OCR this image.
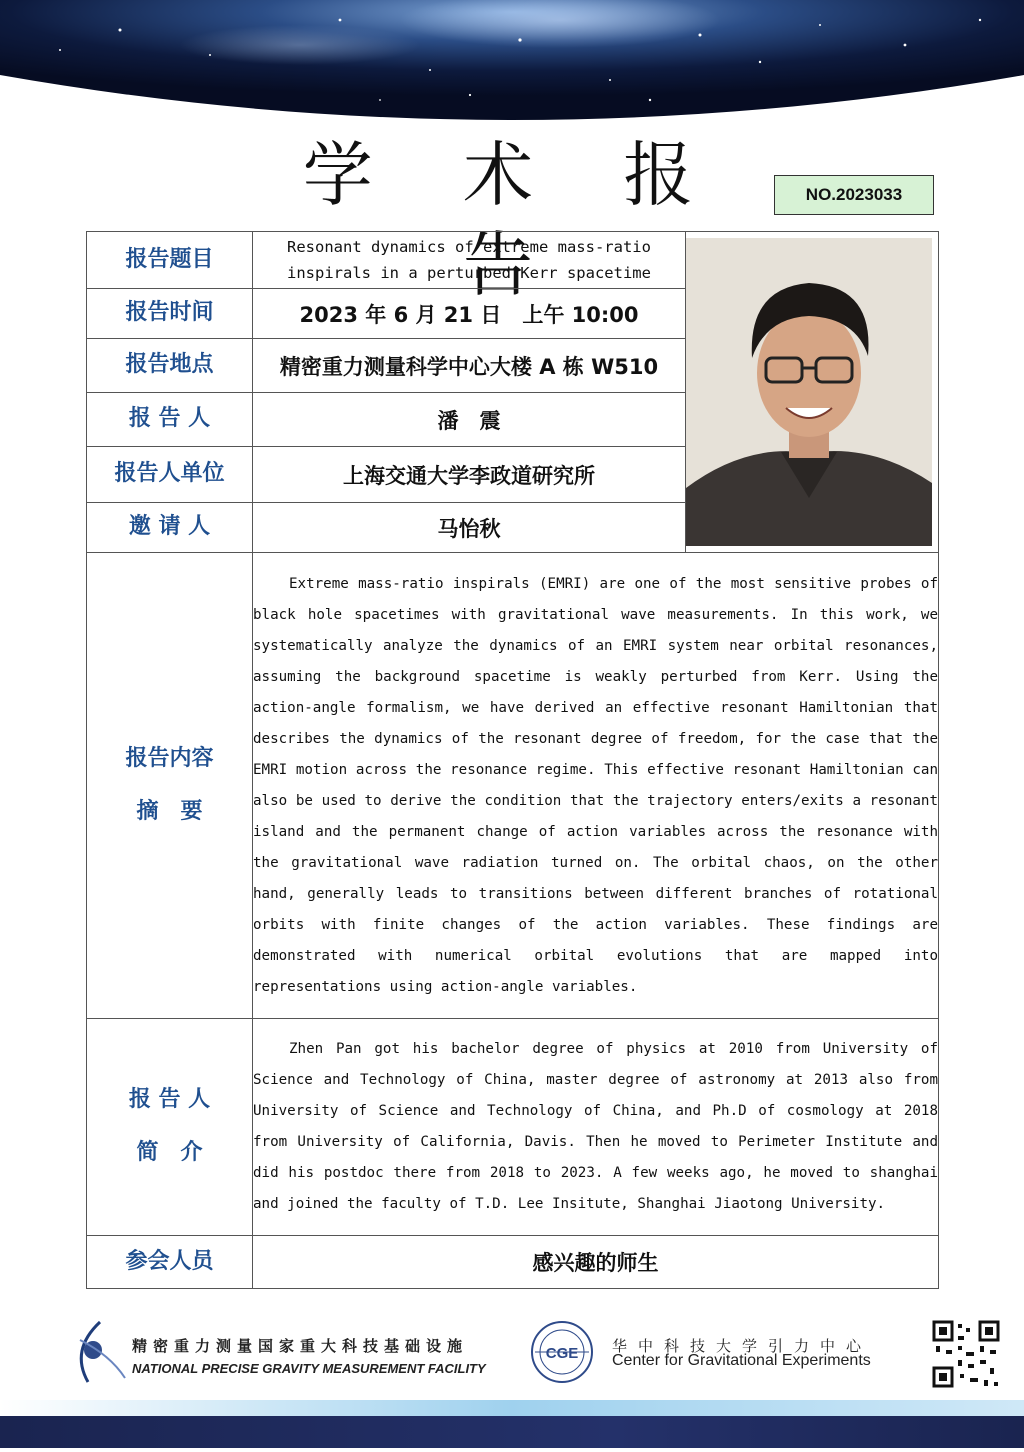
学 术 报 告
NO.2023033
报告题目	Resonant dynamics of extreme mass-ratio inspirals in a perturbed Kerr spacetime	

报告时间	2023 年 6 月 21 日　上午 10:00	
报告地点	精密重力测量科学中心大楼 A 栋 W510	
报 告 人	潘　震	
报告人单位	上海交通大学李政道研究所	
邀 请 人	马怡秋	

报告内容
摘　要	Extreme mass-ratio inspirals (EMRI) are one of the most sensitive probes of black hole spacetimes with gravitational wave measurements. In this work, we systematically analyze the dynamics of an EMRI system near orbital resonances, assuming the background spacetime is weakly perturbed from Kerr. Using the action-angle formalism, we have derived an effective resonant Hamiltonian that describes the dynamics of the resonant degree of freedom, for the case that the EMRI motion across the resonance regime. This effective resonant Hamiltonian can also be used to derive the condition that the trajectory enters/exits a resonant island and the permanent change of action variables across the resonance with the gravitational wave radiation turned on. The orbital chaos, on the other hand, generally leads to transitions between different branches of rotational orbits with finite changes of the action variables. These findings are demonstrated with numerical orbital evolutions that are mapped into representations using action-angle variables.	

报 告 人
简　介	Zhen Pan got his bachelor degree of physics at 2010 from University of Science and Technology of China, master degree of astronomy at 2013 also from University of Science and Technology of China, and Ph.D of cosmology at 2018 from University of California, Davis. Then he moved to Perimeter Institute and did his postdoc there from 2018 to 2023. A few weeks ago, he moved to shanghai and joined the faculty of T.D. Lee Insitute, Shanghai Jiaotong University.	
参会人员	感兴趣的师生	
CGE
精密重力测量国家重大科技基础设施
NATIONAL PRECISE GRAVITY MEASUREMENT FACILITY
华中科技大学引力中心
Center for Gravitational Experiments
